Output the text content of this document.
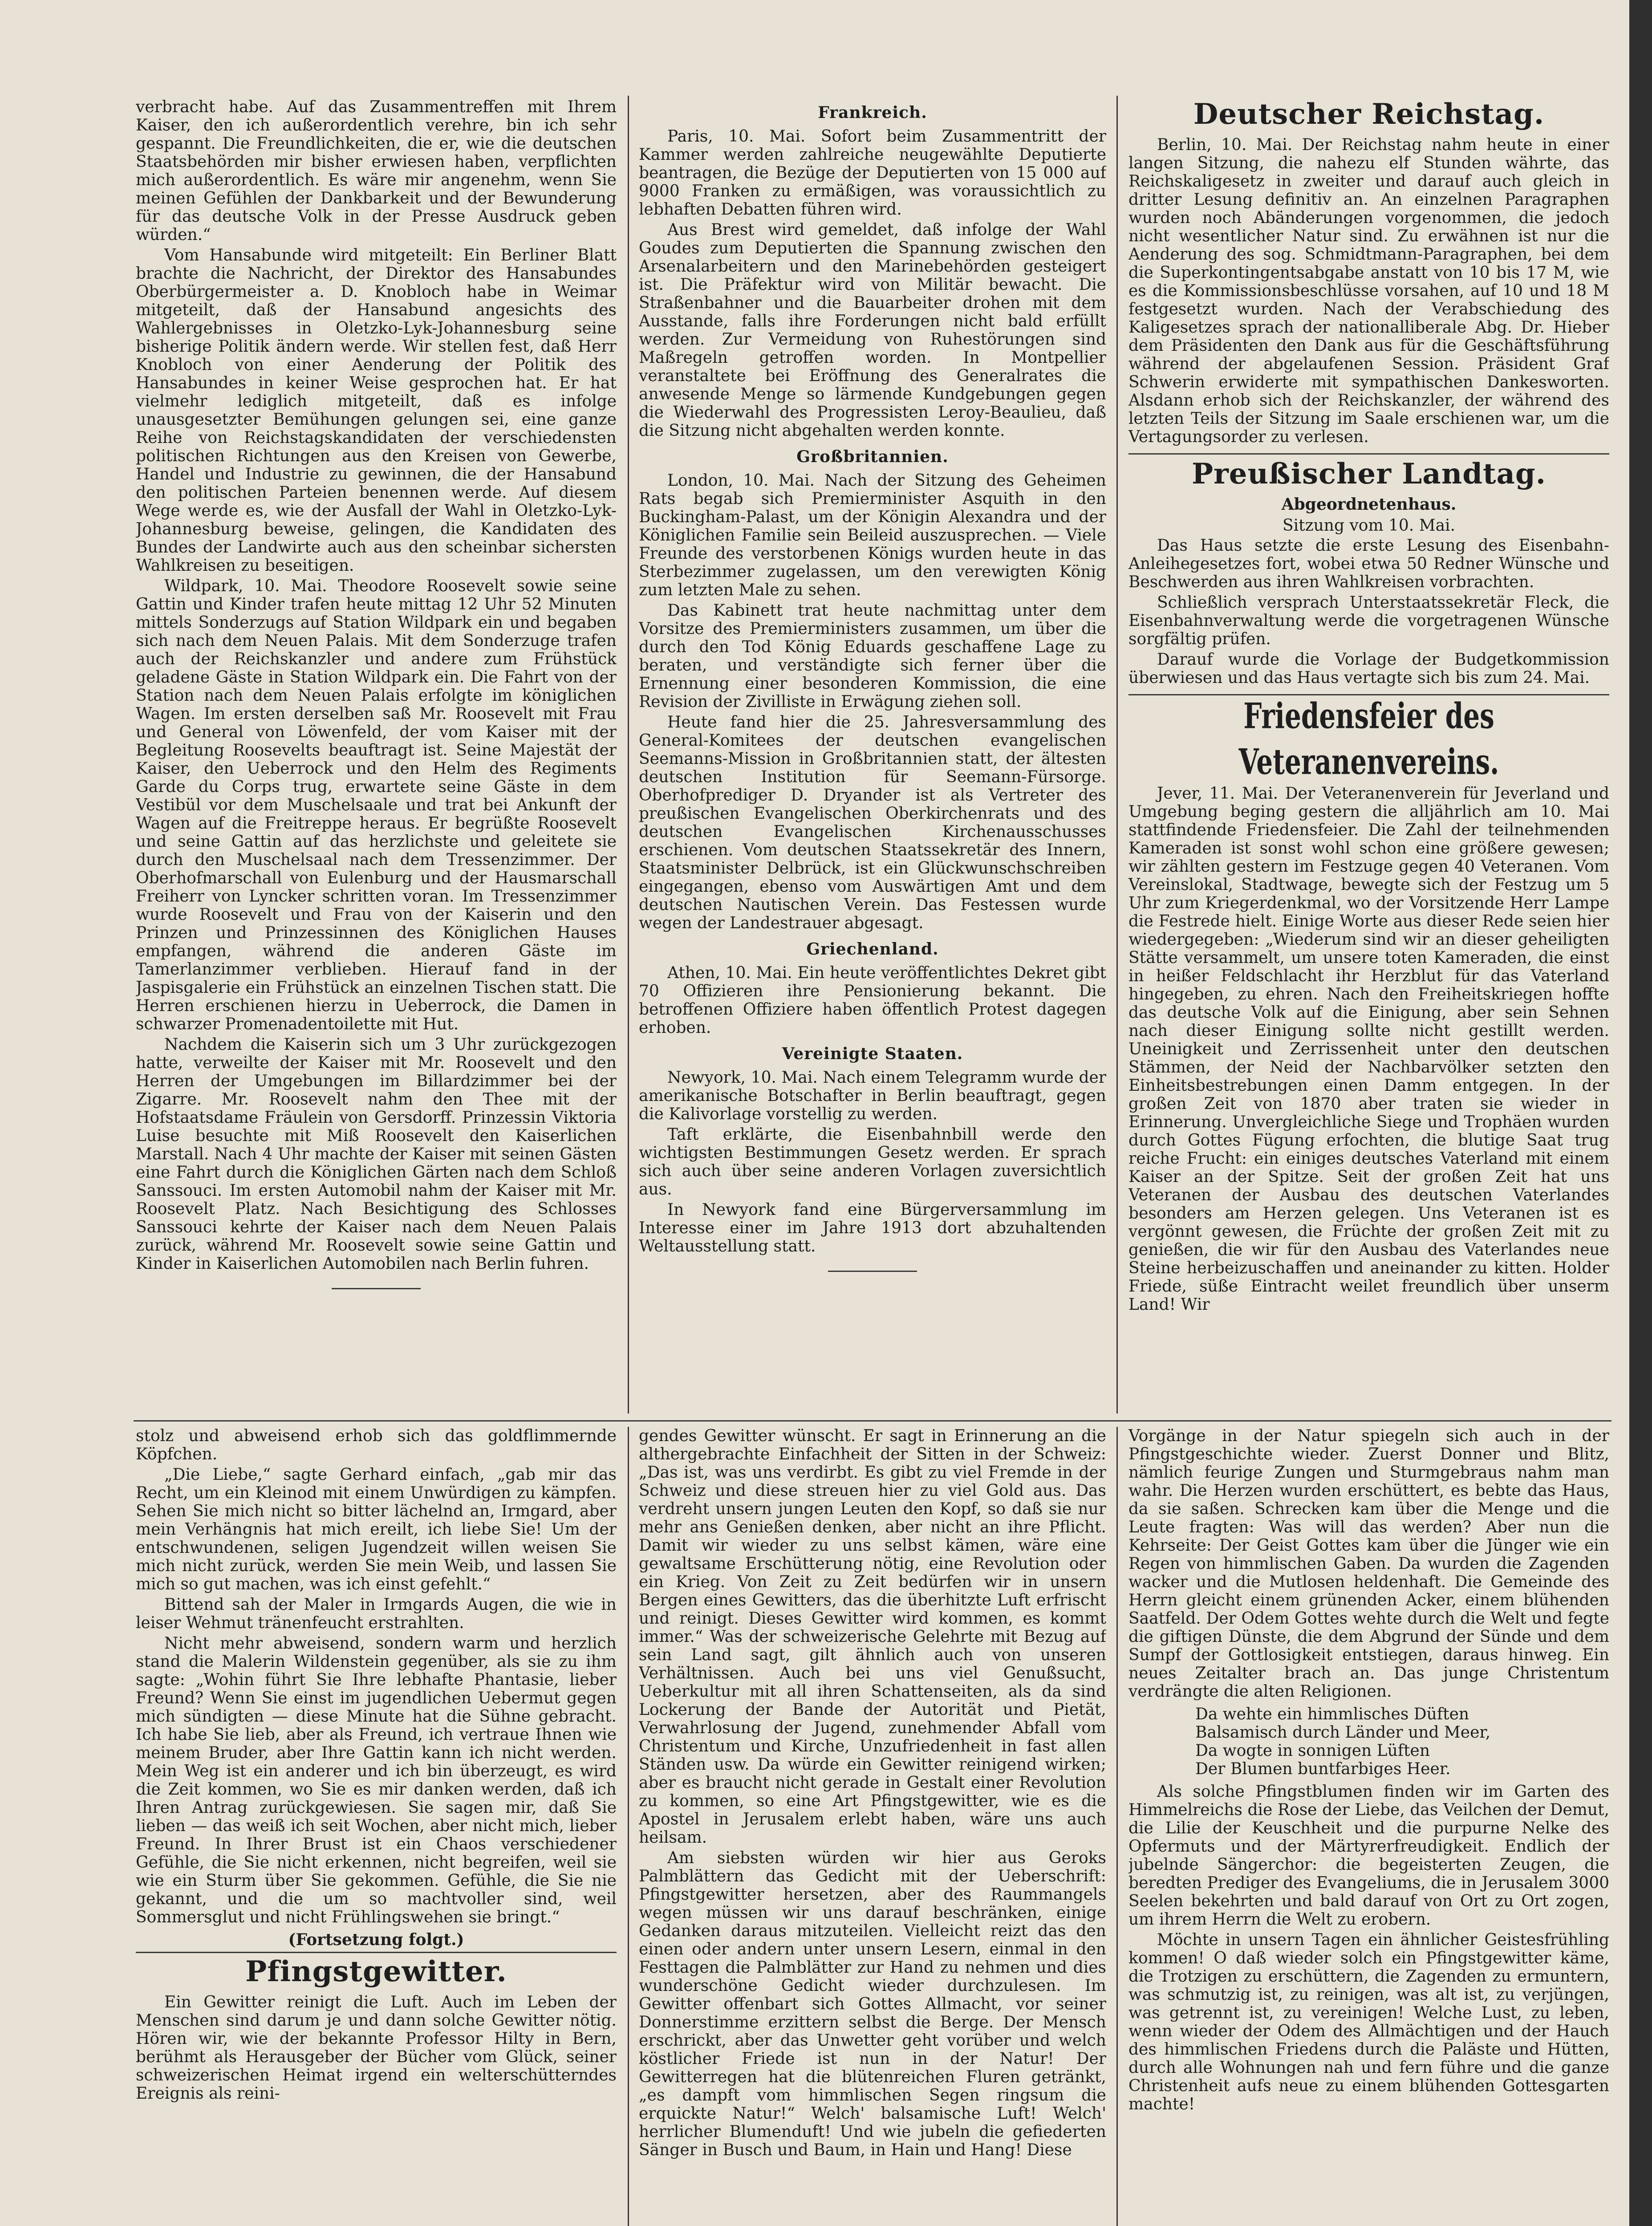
verbracht habe. Auf das Zusammentreffen mit Ihrem Kaiser, den ich außerordentlich verehre, bin ich sehr gespannt. Die Freundlichkeiten, die er, wie die deutschen Staatsbehörden mir bisher erwiesen haben, verpflichten mich außerordentlich. Es wäre mir angenehm, wenn Sie meinen Gefühlen der Dankbarkeit und der Bewunderung für das deutsche Volk in der Presse Ausdruck geben würden.“

Vom Hansabunde wird mitgeteilt: Ein Berliner Blatt brachte die Nachricht, der Direktor des Hansabundes Oberbürgermeister a. D. Knobloch habe in Weimar mitgeteilt, daß der Hansabund angesichts des Wahlergebnisses in Oletzko-Lyk-Johannesburg seine bisherige Politik ändern werde. Wir stellen fest, daß Herr Knobloch von einer Aenderung der Politik des Hansabundes in keiner Weise gesprochen hat. Er hat vielmehr lediglich mitgeteilt, daß es infolge unausgesetzter Bemühungen gelungen sei, eine ganze Reihe von Reichstagskandidaten der verschiedensten politischen Richtungen aus den Kreisen von Gewerbe, Handel und Industrie zu gewinnen, die der Hansabund den politischen Parteien benennen werde. Auf diesem Wege werde es, wie der Ausfall der Wahl in Oletzko-Lyk-Johannesburg beweise, gelingen, die Kandidaten des Bundes der Landwirte auch aus den scheinbar sichersten Wahlkreisen zu beseitigen.

Wildpark, 10. Mai. Theodore Roosevelt sowie seine Gattin und Kinder trafen heute mittag 12 Uhr 52 Minuten mittels Sonderzugs auf Station Wildpark ein und begaben sich nach dem Neuen Palais. Mit dem Sonderzuge trafen auch der Reichskanzler und andere zum Frühstück geladene Gäste in Station Wildpark ein. Die Fahrt von der Station nach dem Neuen Palais erfolgte im königlichen Wagen. Im ersten derselben saß Mr. Roosevelt mit Frau und General von Löwenfeld, der vom Kaiser mit der Begleitung Roosevelts beauftragt ist. Seine Majestät der Kaiser, den Ueberrock und den Helm des Regiments Garde du Corps trug, erwartete seine Gäste in dem Vestibül vor dem Muschelsaale und trat bei Ankunft der Wagen auf die Freitreppe heraus. Er begrüßte Roosevelt und seine Gattin auf das herzlichste und geleitete sie durch den Muschelsaal nach dem Tressenzimmer. Der Oberhofmarschall von Eulenburg und der Hausmarschall Freiherr von Lyncker schritten voran. Im Tressenzimmer wurde Roosevelt und Frau von der Kaiserin und den Prinzen und Prinzessinnen des Königlichen Hauses empfangen, während die anderen Gäste im Tamerlanzimmer verblieben. Hierauf fand in der Jaspisgalerie ein Frühstück an einzelnen Tischen statt. Die Herren erschienen hierzu in Ueberrock, die Damen in schwarzer Promenadentoilette mit Hut.

Nachdem die Kaiserin sich um 3 Uhr zurückgezogen hatte, verweilte der Kaiser mit Mr. Roosevelt und den Herren der Umgebungen im Billardzimmer bei der Zigarre. Mr. Roosevelt nahm den Thee mit der Hofstaatsdame Fräulein von Gersdorff. Prinzessin Viktoria Luise besuchte mit Miß Roosevelt den Kaiserlichen Marstall. Nach 4 Uhr machte der Kaiser mit seinen Gästen eine Fahrt durch die Königlichen Gärten nach dem Schloß Sanssouci. Im ersten Automobil nahm der Kaiser mit Mr. Roosevelt Platz. Nach Besichtigung des Schlosses Sanssouci kehrte der Kaiser nach dem Neuen Palais zurück, während Mr. Roosevelt sowie seine Gattin und Kinder in Kaiserlichen Automobilen nach Berlin fuhren.

Frankreich.

Paris, 10. Mai. Sofort beim Zusammentritt der Kammer werden zahlreiche neugewählte Deputierte beantragen, die Bezüge der Deputierten von 15 000 auf 9000 Franken zu ermäßigen, was voraussichtlich zu lebhaften Debatten führen wird.

Aus Brest wird gemeldet, daß infolge der Wahl Goudes zum Deputierten die Spannung zwischen den Arsenalarbeitern und den Marinebehörden gesteigert ist. Die Präfektur wird von Militär bewacht. Die Straßenbahner und die Bauarbeiter drohen mit dem Ausstande, falls ihre Forderungen nicht bald erfüllt werden. Zur Vermeidung von Ruhestörungen sind Maßregeln getroffen worden. In Montpellier veranstaltete bei Eröffnung des Generalrates die anwesende Menge so lärmende Kundgebungen gegen die Wiederwahl des Progressisten Leroy-Beaulieu, daß die Sitzung nicht abgehalten werden konnte.

Großbritannien.

London, 10. Mai. Nach der Sitzung des Geheimen Rats begab sich Premierminister Asquith in den Buckingham-Palast, um der Königin Alexandra und der Königlichen Familie sein Beileid auszusprechen. — Viele Freunde des verstorbenen Königs wurden heute in das Sterbezimmer zugelassen, um den verewigten König zum letzten Male zu sehen.

Das Kabinett trat heute nachmittag unter dem Vorsitze des Premierministers zusammen, um über die durch den Tod König Eduards geschaffene Lage zu beraten, und verständigte sich ferner über die Ernennung einer besonderen Kommission, die eine Revision der Zivilliste in Erwägung ziehen soll.

Heute fand hier die 25. Jahresversammlung des General-Komitees der deutschen evangelischen Seemanns-Mission in Großbritannien statt, der ältesten deutschen Institution für Seemann-Fürsorge. Oberhofprediger D. Dryander ist als Vertreter des preußischen Evangelischen Oberkirchenrats und des deutschen Evangelischen Kirchenausschusses erschienen. Vom deutschen Staatssekretär des Innern, Staatsminister Delbrück, ist ein Glückwunschschreiben eingegangen, ebenso vom Auswärtigen Amt und dem deutschen Nautischen Verein. Das Festessen wurde wegen der Landestrauer abgesagt.

Griechenland.

Athen, 10. Mai. Ein heute veröffentlichtes Dekret gibt 70 Offizieren ihre Pensionierung bekannt. Die betroffenen Offiziere haben öffentlich Protest dagegen erhoben.

Vereinigte Staaten.

Newyork, 10. Mai. Nach einem Telegramm wurde der amerikanische Botschafter in Berlin beauftragt, gegen die Kalivorlage vorstellig zu werden.

Taft erklärte, die Eisenbahnbill werde den wichtigsten Bestimmungen Gesetz werden. Er sprach sich auch über seine anderen Vorlagen zuversichtlich aus.

In Newyork fand eine Bürgerversammlung im Interesse einer im Jahre 1913 dort abzuhaltenden Weltausstellung statt.

Deutscher Reichstag.

Berlin, 10. Mai. Der Reichstag nahm heute in einer langen Sitzung, die nahezu elf Stunden währte, das Reichskaligesetz in zweiter und darauf auch gleich in dritter Lesung definitiv an. An einzelnen Paragraphen wurden noch Abänderungen vorgenommen, die jedoch nicht wesentlicher Natur sind. Zu erwähnen ist nur die Aenderung des sog. Schmidtmann-Paragraphen, bei dem die Superkontingentsabgabe anstatt von 10 bis 17 M, wie es die Kommissionsbeschlüsse vorsahen, auf 10 und 18 M festgesetzt wurden. Nach der Verabschiedung des Kaligesetzes sprach der nationalliberale Abg. Dr. Hieber dem Präsidenten den Dank aus für die Geschäftsführung während der abgelaufenen Session. Präsident Graf Schwerin erwiderte mit sympathischen Dankesworten. Alsdann erhob sich der Reichskanzler, der während des letzten Teils der Sitzung im Saale erschienen war, um die Vertagungsorder zu verlesen.

Preußischer Landtag.
Abgeordnetenhaus.
Sitzung vom 10. Mai.

Das Haus setzte die erste Lesung des Eisenbahn-Anleihegesetzes fort, wobei etwa 50 Redner Wünsche und Beschwerden aus ihren Wahlkreisen vorbrachten.

Schließlich versprach Unterstaatssekretär Fleck, die Eisenbahnverwaltung werde die vorgetragenen Wünsche sorgfältig prüfen.

Darauf wurde die Vorlage der Budgetkommission überwiesen und das Haus vertagte sich bis zum 24. Mai.

Friedensfeier des Veteranenvereins.

Jever, 11. Mai. Der Veteranenverein für Jeverland und Umgebung beging gestern die alljährlich am 10. Mai stattfindende Friedensfeier. Die Zahl der teilnehmenden Kameraden ist sonst wohl schon eine größere gewesen; wir zählten gestern im Festzuge gegen 40 Veteranen. Vom Vereinslokal, Stadtwage, bewegte sich der Festzug um 5 Uhr zum Kriegerdenkmal, wo der Vorsitzende Herr Lampe die Festrede hielt. Einige Worte aus dieser Rede seien hier wiedergegeben: „Wiederum sind wir an dieser geheiligten Stätte versammelt, um unsere toten Kameraden, die einst in heißer Feldschlacht ihr Herzblut für das Vaterland hingegeben, zu ehren. Nach den Freiheitskriegen hoffte das deutsche Volk auf die Einigung, aber sein Sehnen nach dieser Einigung sollte nicht gestillt werden. Uneinigkeit und Zerrissenheit unter den deutschen Stämmen, der Neid der Nachbarvölker setzten den Einheitsbestrebungen einen Damm entgegen. In der großen Zeit von 1870 aber traten sie wieder in Erinnerung. Unvergleichliche Siege und Trophäen wurden durch Gottes Fügung erfochten, die blutige Saat trug reiche Frucht: ein einiges deutsches Vaterland mit einem Kaiser an der Spitze. Seit der großen Zeit hat uns Veteranen der Ausbau des deutschen Vaterlandes besonders am Herzen gelegen. Uns Veteranen ist es vergönnt gewesen, die Früchte der großen Zeit mit zu genießen, die wir für den Ausbau des Vaterlandes neue Steine herbeizuschaffen und aneinander zu kitten. Holder Friede, süße Eintracht weilet freundlich über unserm Land! Wir

stolz und abweisend erhob sich das goldflimmernde Köpfchen.

„Die Liebe,“ sagte Gerhard einfach, „gab mir das Recht, um ein Kleinod mit einem Unwürdigen zu kämpfen. Sehen Sie mich nicht so bitter lächelnd an, Irmgard, aber mein Verhängnis hat mich ereilt, ich liebe Sie! Um der entschwundenen, seligen Jugendzeit willen weisen Sie mich nicht zurück, werden Sie mein Weib, und lassen Sie mich so gut machen, was ich einst gefehlt.“

Bittend sah der Maler in Irmgards Augen, die wie in leiser Wehmut tränenfeucht erstrahlten.

Nicht mehr abweisend, sondern warm und herzlich stand die Malerin Wildenstein gegenüber, als sie zu ihm sagte: „Wohin führt Sie Ihre lebhafte Phantasie, lieber Freund? Wenn Sie einst im jugendlichen Uebermut gegen mich sündigten — diese Minute hat die Sühne gebracht. Ich habe Sie lieb, aber als Freund, ich vertraue Ihnen wie meinem Bruder, aber Ihre Gattin kann ich nicht werden. Mein Weg ist ein anderer und ich bin überzeugt, es wird die Zeit kommen, wo Sie es mir danken werden, daß ich Ihren Antrag zurückgewiesen. Sie sagen mir, daß Sie lieben — das weiß ich seit Wochen, aber nicht mich, lieber Freund. In Ihrer Brust ist ein Chaos verschiedener Gefühle, die Sie nicht erkennen, nicht begreifen, weil sie wie ein Sturm über Sie gekommen. Gefühle, die Sie nie gekannt, und die um so machtvoller sind, weil Sommersglut und nicht Frühlingswehen sie bringt.“

(Fortsetzung folgt.)
Pfingstgewitter.

Ein Gewitter reinigt die Luft. Auch im Leben der Menschen sind darum je und dann solche Gewitter nötig. Hören wir, wie der bekannte Professor Hilty in Bern, berühmt als Herausgeber der Bücher vom Glück, seiner schweizerischen Heimat irgend ein welterschütterndes Ereignis als reini-

gendes Gewitter wünscht. Er sagt in Erinnerung an die althergebrachte Einfachheit der Sitten in der Schweiz: „Das ist, was uns verdirbt. Es gibt zu viel Fremde in der Schweiz und diese streuen hier zu viel Gold aus. Das verdreht unsern jungen Leuten den Kopf, so daß sie nur mehr ans Genießen denken, aber nicht an ihre Pflicht. Damit wir wieder zu uns selbst kämen, wäre eine gewaltsame Erschütterung nötig, eine Revolution oder ein Krieg. Von Zeit zu Zeit bedürfen wir in unsern Bergen eines Gewitters, das die überhitzte Luft erfrischt und reinigt. Dieses Gewitter wird kommen, es kommt immer.“ Was der schweizerische Gelehrte mit Bezug auf sein Land sagt, gilt ähnlich auch von unseren Verhältnissen. Auch bei uns viel Genußsucht, Ueberkultur mit all ihren Schattenseiten, als da sind Lockerung der Bande der Autorität und Pietät, Verwahrlosung der Jugend, zunehmender Abfall vom Christentum und Kirche, Unzufriedenheit in fast allen Ständen usw. Da würde ein Gewitter reinigend wirken; aber es braucht nicht gerade in Gestalt einer Revolution zu kommen, so eine Art Pfingstgewitter, wie es die Apostel in Jerusalem erlebt haben, wäre uns auch heilsam.

Am siebsten würden wir hier aus Geroks Palmblättern das Gedicht mit der Ueberschrift: Pfingstgewitter hersetzen, aber des Raummangels wegen müssen wir uns darauf beschränken, einige Gedanken daraus mitzuteilen. Vielleicht reizt das den einen oder andern unter unsern Lesern, einmal in den Festtagen die Palmblätter zur Hand zu nehmen und dies wunderschöne Gedicht wieder durchzulesen. Im Gewitter offenbart sich Gottes Allmacht, vor seiner Donnerstimme erzittern selbst die Berge. Der Mensch erschrickt, aber das Unwetter geht vorüber und welch köstlicher Friede ist nun in der Natur! Der Gewitterregen hat die blütenreichen Fluren getränkt, „es dampft vom himmlischen Segen ringsum die erquickte Natur!“ Welch' balsamische Luft! Welch' herrlicher Blumenduft! Und wie jubeln die gefiederten Sänger in Busch und Baum, in Hain und Hang! Diese

Vorgänge in der Natur spiegeln sich auch in der Pfingstgeschichte wieder. Zuerst Donner und Blitz, nämlich feurige Zungen und Sturmgebraus nahm man wahr. Die Herzen wurden erschüttert, es bebte das Haus, da sie saßen. Schrecken kam über die Menge und die Leute fragten: Was will das werden? Aber nun die Kehrseite: Der Geist Gottes kam über die Jünger wie ein Regen von himmlischen Gaben. Da wurden die Zagenden wacker und die Mutlosen heldenhaft. Die Gemeinde des Herrn gleicht einem grünenden Acker, einem blühenden Saatfeld. Der Odem Gottes wehte durch die Welt und fegte die giftigen Dünste, die dem Abgrund der Sünde und dem Sumpf der Gottlosigkeit entstiegen, daraus hinweg. Ein neues Zeitalter brach an. Das junge Christentum verdrängte die alten Religionen.

Da wehte ein himmlisches Düften
Balsamisch durch Länder und Meer,
Da wogte in sonnigen Lüften
Der Blumen buntfarbiges Heer.

Als solche Pfingstblumen finden wir im Garten des Himmelreichs die Rose der Liebe, das Veilchen der Demut, die Lilie der Keuschheit und die purpurne Nelke des Opfermuts und der Märtyrerfreudigkeit. Endlich der jubelnde Sängerchor: die begeisterten Zeugen, die beredten Prediger des Evangeliums, die in Jerusalem 3000 Seelen bekehrten und bald darauf von Ort zu Ort zogen, um ihrem Herrn die Welt zu erobern.

Möchte in unsern Tagen ein ähnlicher Geistesfrühling kommen! O daß wieder solch ein Pfingstgewitter käme, die Trotzigen zu erschüttern, die Zagenden zu ermuntern, was schmutzig ist, zu reinigen, was alt ist, zu verjüngen, was getrennt ist, zu vereinigen! Welche Lust, zu leben, wenn wieder der Odem des Allmächtigen und der Hauch des himmlischen Friedens durch die Paläste und Hütten, durch alle Wohnungen nah und fern führe und die ganze Christenheit aufs neue zu einem blühenden Gottesgarten machte!
